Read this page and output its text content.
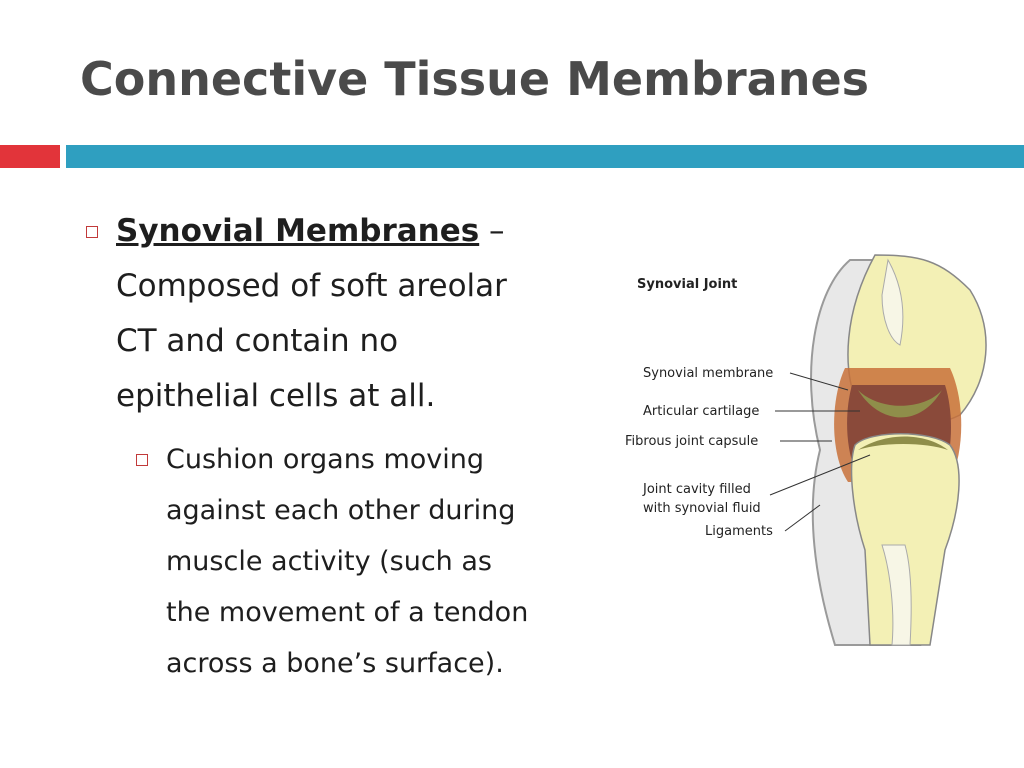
Connective Tissue Membranes
Synovial Membranes –
Composed of soft areolar
CT and contain no
epithelial cells at all.
Cushion organs moving
against each other during
muscle activity (such as
the movement of a tendon
across a bone’s surface).
Synovial Joint
Synovial membrane
Articular cartilage
Fibrous joint capsule
Joint cavity filled
with synovial fluid
Ligaments
